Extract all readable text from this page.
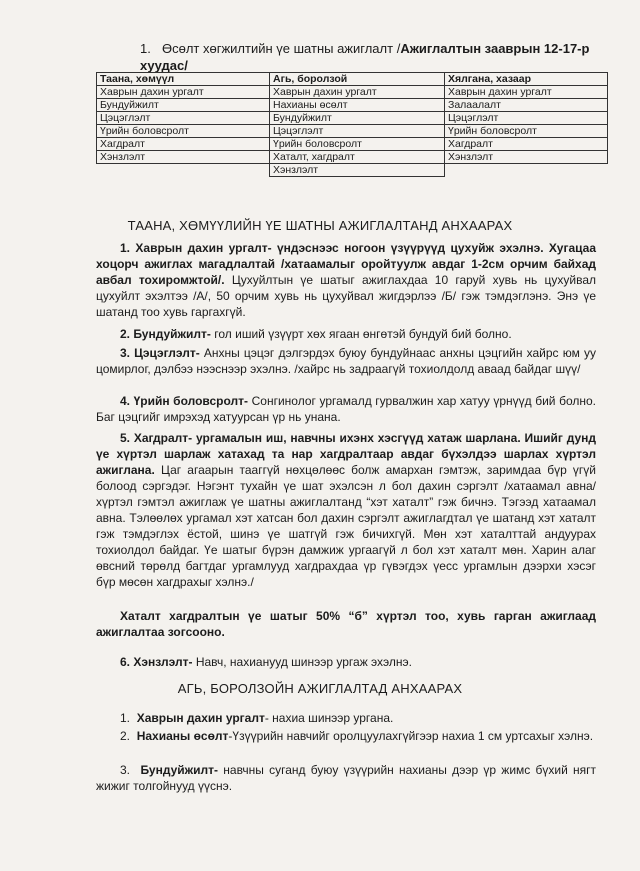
1. Өсөлт хөгжилтийн үе шатны ажиглалт /Ажиглалтын зааврын 12-17-р хуудас/
Таана, хөмүүл	Агь, боролзой	Хялгана, хазаар
Хаврын дахин ургалт	Хаврын дахин ургалт	Хаврын дахин ургалт
Бундуйжилт	Нахианы өсөлт	Залаалалт
Цэцэглэлт	Бундуйжилт	Цэцэглэлт
Үрийн боловсролт	Цэцэглэлт	Үрийн боловсролт
Хагдралт	Үрийн боловсролт	Хагдралт
Хэнзлэлт	Хаталт, хагдралт	Хэнзлэлт
	Хэнзлэлт	
ТААНА, ХӨМҮҮЛИЙН ҮЕ ШАТНЫ АЖИГЛАЛТАНД АНХААРАХ
1. Хаврын дахин ургалт- үндэснээс ногоон үзүүрүүд цухуйж эхэлнэ. Хугацаа хоцорч ажиглах магадлалтай /хатаамалыг оройтуулж авдаг 1-2см орчим байхад авбал тохиромжтой/. Цухуйлтын үе шатыг ажиглахдаа 10 гаруй хувь нь цухуйвал цухуйлт эхэлтээ /А/, 50 орчим хувь нь цухуйвал жигдэрлээ /Б/ гэж тэмдэглэнэ. Энэ үе шатанд тоо хувь гаргахгүй.
2. Бундуйжилт- гол иший үзүүрт хөх ягаан өнгөтэй бундуй бий болно.
3. Цэцэглэлт- Анхны цэцэг дэлгэрдэх буюу бундуйнаас анхны цэцгийн хайрс юм уу цомирлог, дэлбээ нээснээр эхэлнэ. /хайрс нь задраагүй тохиолдолд аваад байдаг шүү/
4. Үрийн боловсролт- Сонгинолог ургамалд гурвалжин хар хатуу үрнүүд бий болно. Баг цэцгийг имрэхэд хатуурсан үр нь унана.
5. Хагдралт- ургамалын иш, навчны ихэнх хэсгүүд хатаж шарлана. Ишийг дунд үе хүртэл шарлаж хатахад та нар хагдралтаар авдаг бүхэлдээ шарлах хүртэл ажиглана. Цаг агаарын тааггүй нөхцөлөөс болж амархан гэмтэж, заримдаа бүр үгүй болоод сэргэдэг. Нэгэнт тухайн үе шат эхэлсэн л бол дахин сэргэлт /хатаамал авна/ хүртэл гэмтэл ажиглаж үе шатны ажиглалтанд “хэт хаталт” гэж бичнэ. Тэгээд хатаамал авна. Тэлөөлөх ургамал хэт хатсан бол дахин сэргэлт ажиглагдтал үе шатанд хэт хаталт гэж тэмдэглэх ёстой, шинэ үе шатгүй гэж бичихгүй. Мөн хэт хаталттай андуурах тохиолдол байдаг. Үе шатыг бүрэн дамжиж ургаагүй л бол хэт хаталт мөн. Харин алаг өвсний төрөлд багтдаг ургамлууд хагдрахдаа үр гүвэгдэх үесс ургамлын дээрхи хэсэг бүр мөсөн хагдрахыг хэлнэ./
Хаталт хагдралтын үе шатыг 50% “б” хүртэл тоо, хувь гарган ажиглаад ажиглалтаа зогсооно.
6. Хэнзлэлт- Навч, нахианууд шинээр ургаж эхэлнэ.
АГЬ, БОРОЛЗОЙН АЖИГЛАЛТАД АНХААРАХ
1. Хаврын дахин ургалт- нахиа шинээр ургана.
2. Нахианы өсөлт-Үзүүрийн навчийг оролцуулахгүйгээр нахиа 1 см уртсахыг хэлнэ.
3. Бундуйжилт- навчны суганд буюу үзүүрийн нахианы дээр үр жимс бүхий нягт жижиг толгойнууд үүснэ.
